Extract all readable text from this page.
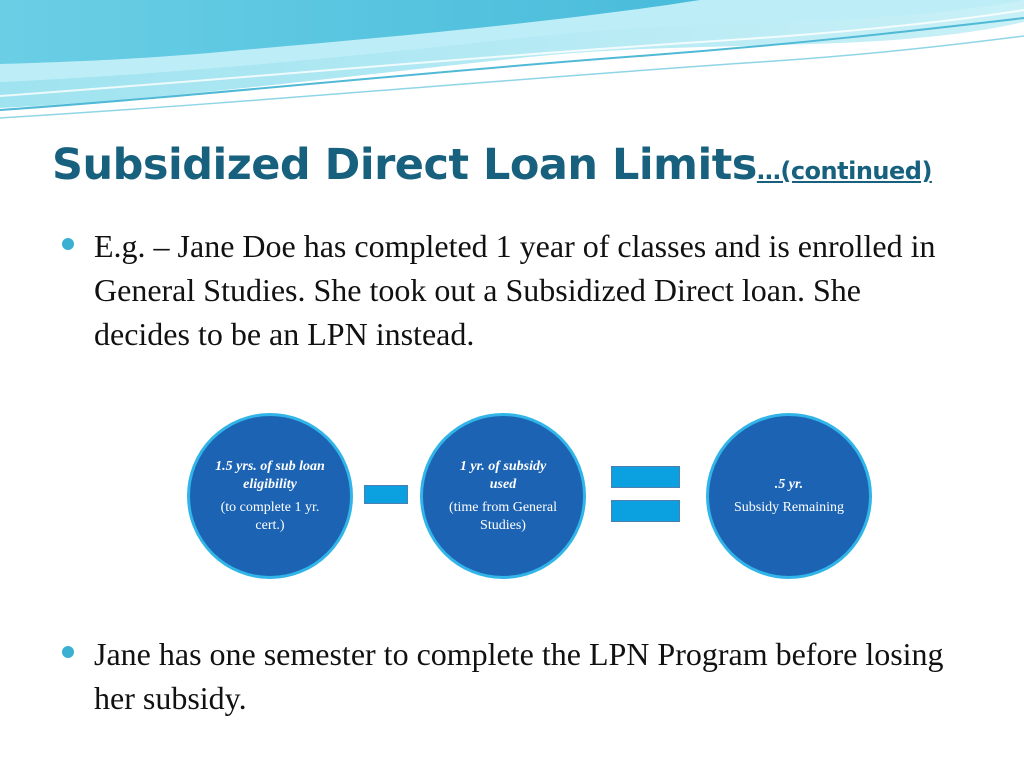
Subsidized Direct Loan Limits…(continued)
E.g. – Jane Doe has completed 1 year of classes and is enrolled in General Studies. She took out a Subsidized Direct loan. She decides to be an LPN instead.
1.5 yrs. of sub loan eligibility
(to complete 1 yr. cert.)
1 yr. of subsidy used
(time from General Studies)
.5 yr.
Subsidy Remaining
Jane has one semester to complete the LPN Program before losing her subsidy.
